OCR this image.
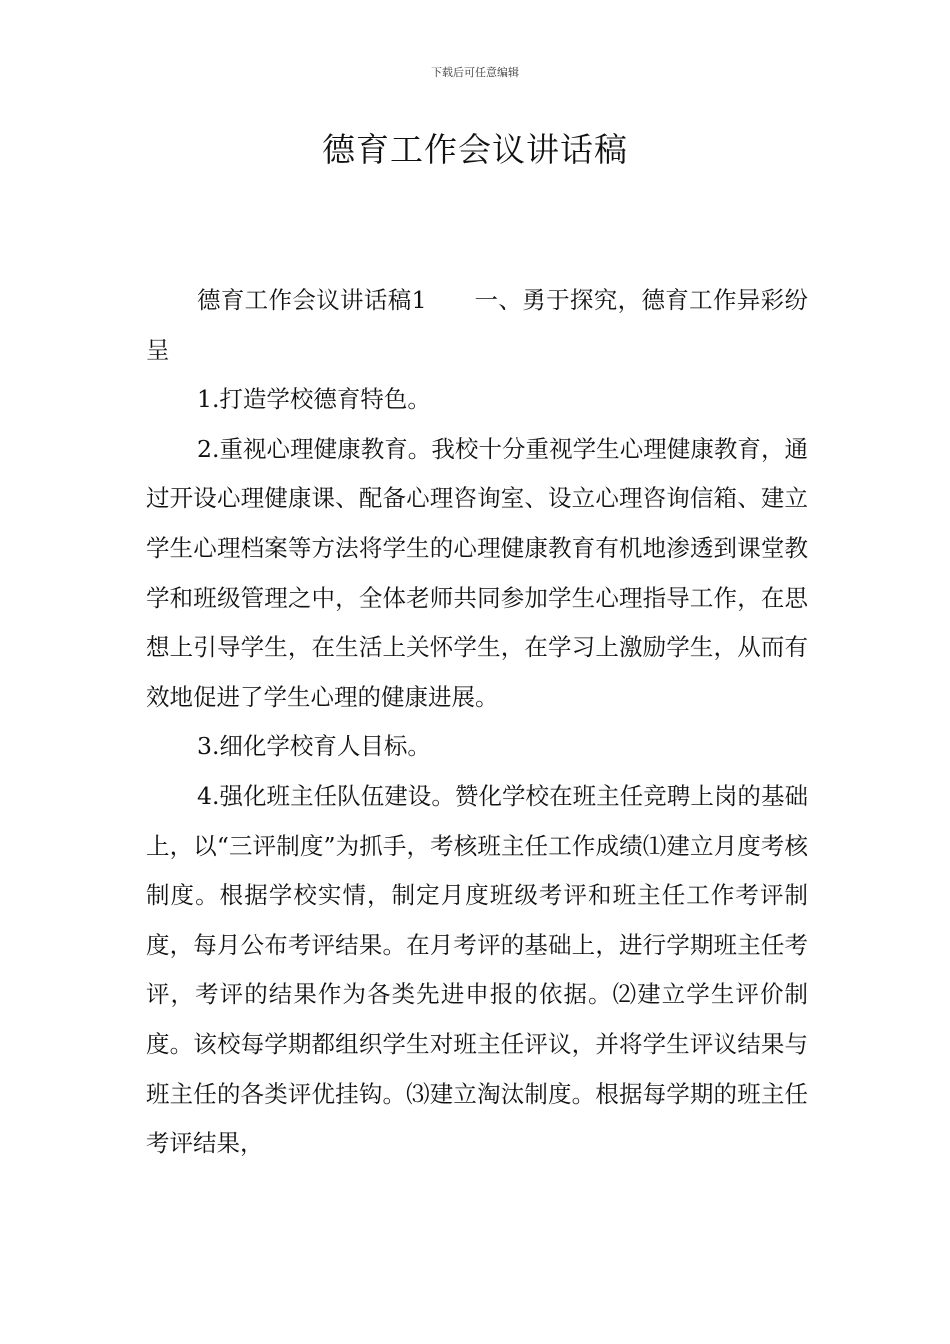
下载后可任意编辑
德育工作会议讲话稿

德育工作会议讲话稿1　　一、勇于探究，德育工作异彩纷呈

1.打造学校德育特色。

2.重视心理健康教育。我校十分重视学生心理健康教育，通过开设心理健康课、配备心理咨询室、设立心理咨询信箱、建立学生心理档案等方法将学生的心理健康教育有机地渗透到课堂教学和班级管理之中，全体老师共同参加学生心理指导工作，在思想上引导学生，在生活上关怀学生，在学习上激励学生，从而有效地促进了学生心理的健康进展。

3.细化学校育人目标。

4.强化班主任队伍建设。赞化学校在班主任竞聘上岗的基础上，以“三评制度”为抓手，考核班主任工作成绩⑴建立月度考核制度。根据学校实情，制定月度班级考评和班主任工作考评制度，每月公布考评结果。在月考评的基础上，进行学期班主任考评，考评的结果作为各类先进申报的依据。⑵建立学生评价制度。该校每学期都组织学生对班主任评议，并将学生评议结果与班主任的各类评优挂钩。⑶建立淘汰制度。根据每学期的班主任考评结果，
